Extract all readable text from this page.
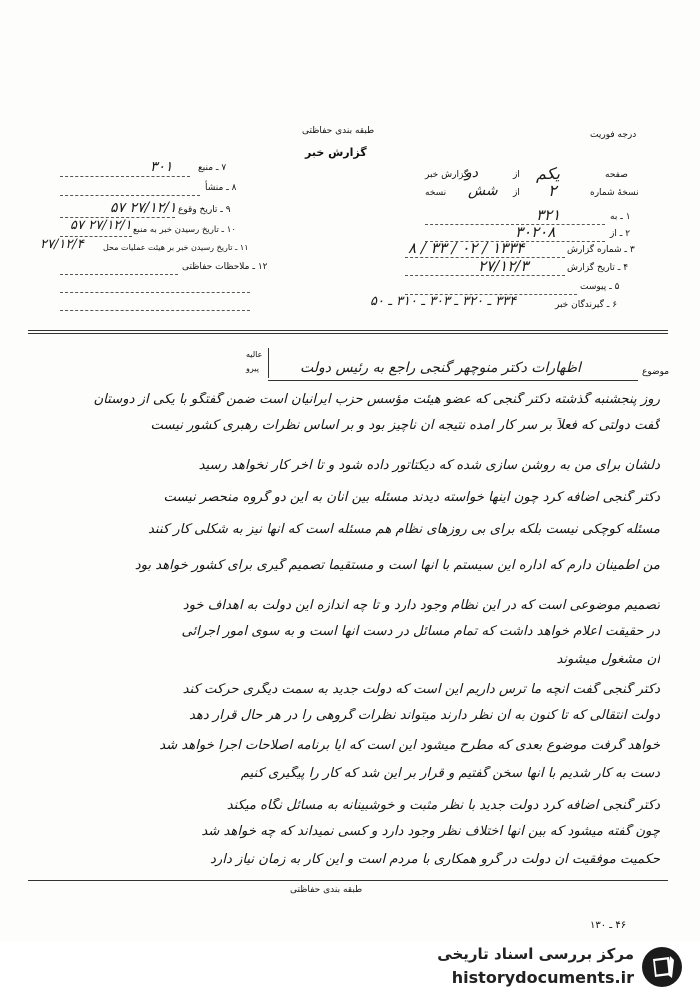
طبقه بندی حفاظتی
گزارش خبر
درجه فوریت
۷ ـ منبع
۳۰۱
۸ ـ منشأ
۹ ـ تاریخ وقوع
۲۷/۱۲/۱ ۵۷
۱۰ ـ تاریخ رسیدن خبر به منبع
۲۷/۱۲/۱ ۵۷
۱۱ ـ تاریخ رسیدن خبر بر هیئت عملیات محل
۲۷/۱۲/۴
۱۲ ـ ملاحظات حفاظتی
صفحه
یکم
از
دو
گزارش خبر
نسخهٔ شماره
۲
از
شش
نسخه
۱ ـ به
۳۲۱
۲ ـ از
۳۰۲۰۸
۳ ـ شماره گزارش
۱۳۳۴ / ۰۲ / ۳۳ / ۸
۴ ـ تاریخ گزارش
۲۷/۱۲/۳
۵ ـ پیوست
۶ ـ گیرندگان خبر
۳۳۴ ـ ۳۲۰ ـ ۳۰۳ ـ ۳۱۰ ـ ۵۰
عالیه
پیرو	موضوع
اظهارات دکتر منوچهر گنجی راجع به رئیس دولت
روز پنجشنبه گذشته دکتر گنجی که عضو هیئت مؤسس حزب ایرانیان است ضمن گفتگو با یکی از دوستان
گفت دولتی که فعلاً بر سر کار آمده نتیجه آن ناچیز بود و بر اساس نظرات رهبری کشور نیست
دلشان برای من به روشن سازی شده که دیکتاتور داده شود و تا آخر کار نخواهد رسید
دکتر گنجی اضافه کرد چون اینها خواسته دیدند مسئله بین آنان به این دو گروه منحصر نیست
مسئله کوچکی نیست بلکه برای بی روزهای نظام هم مسئله است که آنها نیز به شکلی کار کنند
من اطمینان دارم که اداره این سیستم با آنها است و مستقیماً تصمیم گیری برای کشور خواهد بود
تصمیم موضوعی است که در این نظام وجود دارد و تا چه اندازه این دولت به اهداف خود
در حقیقت اعلام خواهد داشت که تمام مسائل در دست آنها است و به سوی امور اجرائی
آن مشغول میشوند
دکتر گنجی گفت آنچه ما ترس داریم این است که دولت جدید به سمت دیگری حرکت کند
دولت انتقالی که تا کنون به آن نظر دارند میتواند نظرات گروهی را در هر حال قرار دهد
خواهد گرفت موضوع بعدی که مطرح میشود این است که آیا برنامه اصلاحات اجرا خواهد شد
دست به کار شدیم با آنها سخن گفتیم و قرار بر این شد که کار را پیگیری کنیم
دکتر گنجی اضافه کرد دولت جدید با نظر مثبت و خوشبینانه به مسائل نگاه میکند
چون گفته میشود که بین آنها اختلاف نظر وجود دارد و کسی نمیداند که چه خواهد شد
حکمیت موفقیت آن دولت در گرو همکاری با مردم است و این کار به زمان نیاز دارد
طبقه بندی حفاظتی
۴۶ ـ ۱۳۰
مرکز بررسی اسناد تاریخی
historydocuments.ir
